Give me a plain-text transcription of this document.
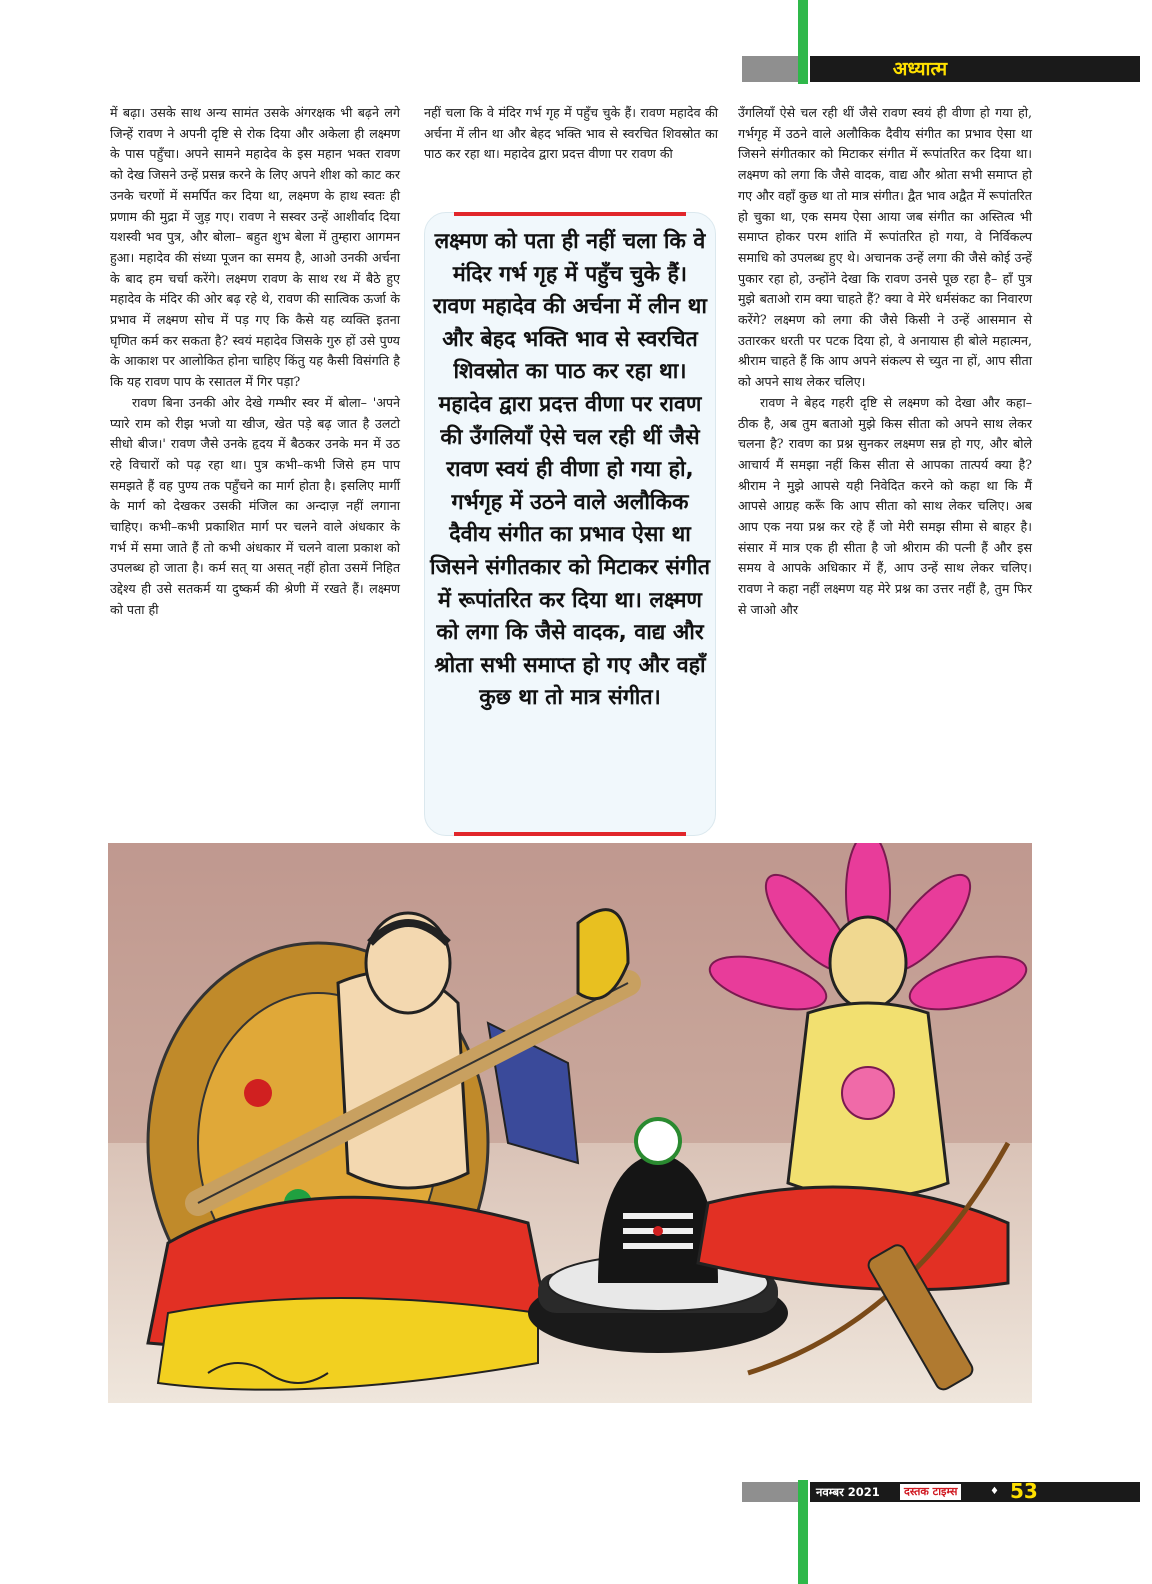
अध्यात्म

में बढ़ा। उसके साथ अन्य सामंत उसके अंगरक्षक भी बढ़ने लगे जिन्हें रावण ने अपनी दृष्टि से रोक दिया और अकेला ही लक्ष्मण के पास पहुँचा। अपने सामने महादेव के इस महान भक्त रावण को देख जिसने उन्हें प्रसन्न करने के लिए अपने शीश को काट कर उनके चरणों में समर्पित कर दिया था, लक्ष्मण के हाथ स्वतः ही प्रणाम की मुद्रा में जुड़ गए। रावण ने सस्वर उन्हें आशीर्वाद दिया यशस्वी भव पुत्र, और बोला– बहुत शुभ बेला में तुम्हारा आगमन हुआ। महादेव की संध्या पूजन का समय है, आओ उनकी अर्चना के बाद हम चर्चा करेंगे। लक्ष्मण रावण के साथ रथ में बैठे हुए महादेव के मंदिर की ओर बढ़ रहे थे, रावण की सात्विक ऊर्जा के प्रभाव में लक्ष्मण सोच में पड़ गए कि कैसे यह व्यक्ति इतना घृणित कर्म कर सकता है? स्वयं महादेव जिसके गुरु हों उसे पुण्य के आकाश पर आलोकित होना चाहिए किंतु यह कैसी विसंगति है कि यह रावण पाप के रसातल में गिर पड़ा?

रावण बिना उनकी ओर देखे गम्भीर स्वर में बोला– 'अपने प्यारे राम को रीझ भजो या खीज, खेत पड़े बढ़ जात है उलटो सीधो बीज।' रावण जैसे उनके हृदय में बैठकर उनके मन में उठ रहे विचारों को पढ़ रहा था। पुत्र कभी–कभी जिसे हम पाप समझते हैं वह पुण्य तक पहुँचने का मार्ग होता है। इसलिए मार्गी के मार्ग को देखकर उसकी मंजिल का अन्दाज़ नहीं लगाना चाहिए। कभी–कभी प्रकाशित मार्ग पर चलने वाले अंधकार के गर्भ में समा जाते हैं तो कभी अंधकार में चलने वाला प्रकाश को उपलब्ध हो जाता है। कर्म सत् या असत् नहीं होता उसमें निहित उद्देश्य ही उसे सतकर्म या दुष्कर्म की श्रेणी में रखते हैं। लक्ष्मण को पता ही

नहीं चला कि वे मंदिर गर्भ गृह में पहुँच चुके हैं। रावण महादेव की अर्चना में लीन था और बेहद भक्ति भाव से स्वरचित शिवस्रोत का पाठ कर रहा था। महादेव द्वारा प्रदत्त वीणा पर रावण की

लक्ष्मण को पता ही नहीं चला कि वे मंदिर गर्भ गृह में पहुँच चुके हैं। रावण महादेव की अर्चना में लीन था और बेहद भक्ति भाव से स्वरचित शिवस्रोत का पाठ कर रहा था। महादेव द्वारा प्रदत्त वीणा पर रावण की उँगलियाँ ऐसे चल रही थीं जैसे रावण स्वयं ही वीणा हो गया हो, गर्भगृह में उठने वाले अलौकिक दैवीय संगीत का प्रभाव ऐसा था जिसने संगीतकार को मिटाकर संगीत में रूपांतरित कर दिया था। लक्ष्मण को लगा कि जैसे वादक, वाद्य और श्रोता सभी समाप्त हो गए और वहाँ कुछ था तो मात्र संगीत।

उँगलियाँ ऐसे चल रही थीं जैसे रावण स्वयं ही वीणा हो गया हो, गर्भगृह में उठने वाले अलौकिक दैवीय संगीत का प्रभाव ऐसा था जिसने संगीतकार को मिटाकर संगीत में रूपांतरित कर दिया था। लक्ष्मण को लगा कि जैसे वादक, वाद्य और श्रोता सभी समाप्त हो गए और वहाँ कुछ था तो मात्र संगीत। द्वैत भाव अद्वैत में रूपांतरित हो चुका था, एक समय ऐसा आया जब संगीत का अस्तित्व भी समाप्त होकर परम शांति में रूपांतरित हो गया, वे निर्विकल्प समाधि को उपलब्ध हुए थे। अचानक उन्हें लगा की जैसे कोई उन्हें पुकार रहा हो, उन्होंने देखा कि रावण उनसे पूछ रहा है– हाँ पुत्र मुझे बताओ राम क्या चाहते हैं? क्या वे मेरे धर्मसंकट का निवारण करेंगे? लक्ष्मण को लगा की जैसे किसी ने उन्हें आसमान से उतारकर धरती पर पटक दिया हो, वे अनायास ही बोले महात्मन, श्रीराम चाहते हैं कि आप अपने संकल्प से च्युत ना हों, आप सीता को अपने साथ लेकर चलिए।

रावण ने बेहद गहरी दृष्टि से लक्ष्मण को देखा और कहा– ठीक है, अब तुम बताओ मुझे किस सीता को अपने साथ लेकर चलना है? रावण का प्रश्न सुनकर लक्ष्मण सन्न हो गए, और बोले आचार्य मैं समझा नहीं किस सीता से आपका तात्पर्य क्या है? श्रीराम ने मुझे आपसे यही निवेदित करने को कहा था कि मैं आपसे आग्रह करूँ कि आप सीता को साथ लेकर चलिए। अब आप एक नया प्रश्न कर रहे हैं जो मेरी समझ सीमा से बाहर है। संसार में मात्र एक ही सीता है जो श्रीराम की पत्नी हैं और इस समय वे आपके अधिकार में हैं, आप उन्हें साथ लेकर चलिए। रावण ने कहा नहीं लक्ष्मण यह मेरे प्रश्न का उत्तर नहीं है, तुम फिर से जाओ और

नवम्बर 2021	दस्तक टाइम्स	♦ 53
